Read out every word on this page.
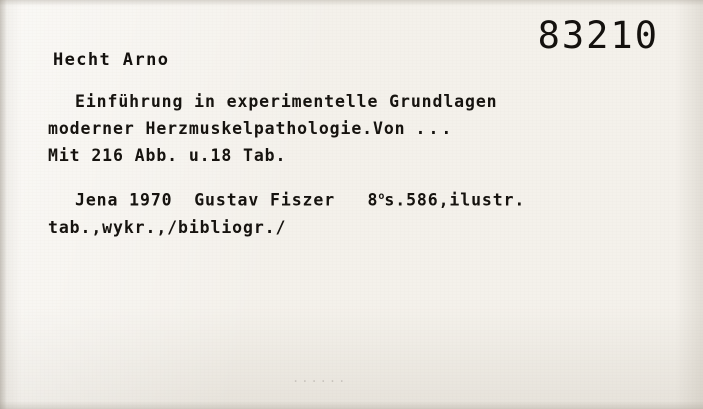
83210
Hecht Arno
Einführung in experimentelle Grundlagen
moderner Herzmuskelpathologie.Von ...
Mit 216 Abb. u.18 Tab.
Jena 1970 Gustav Fiszer 8$^o$s.586,ilustr.
tab.,wykr.,/bibliogr./
......
